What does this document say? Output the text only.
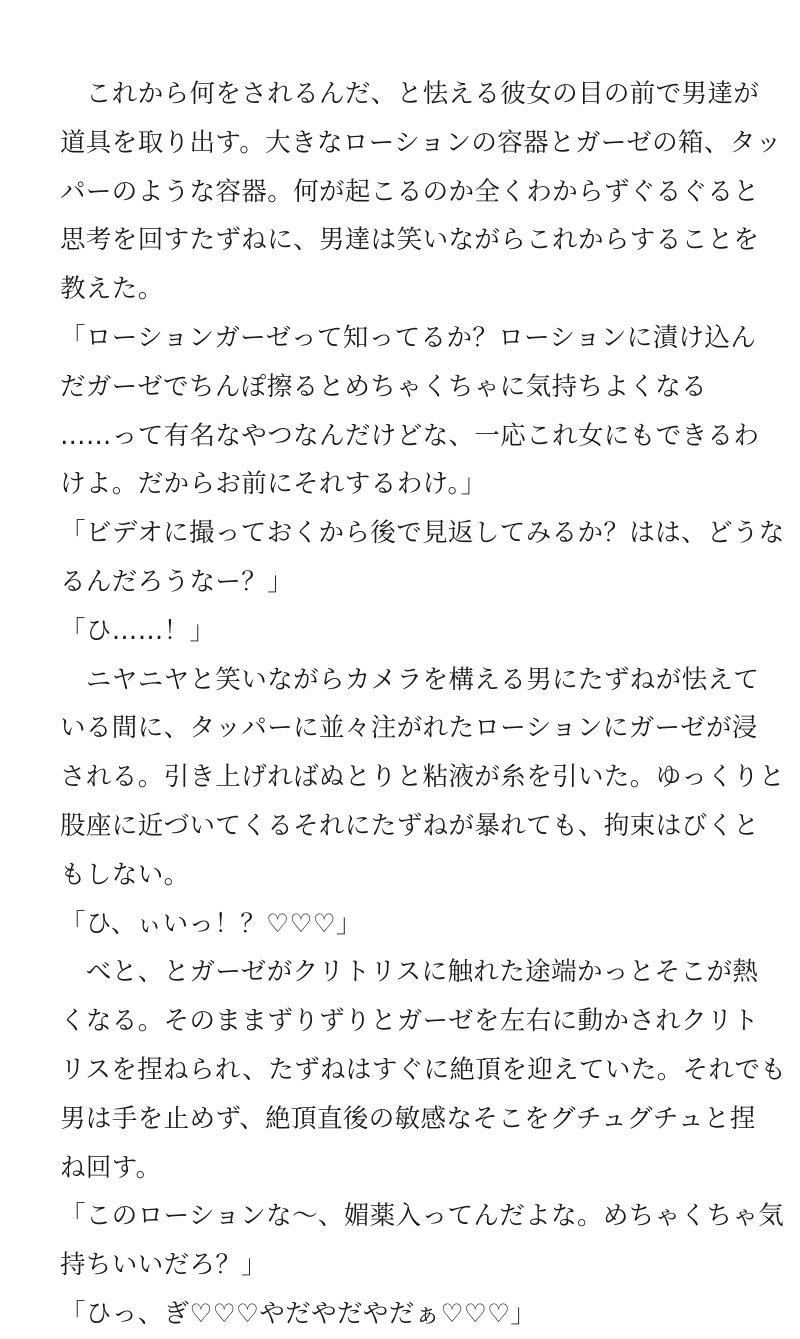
　これから何をされるんだ、と怯える彼女の目の前で男達が
道具を取り出す。大きなローションの容器とガーゼの箱、タッ
パーのような容器。何が起こるのか全くわからずぐるぐると
思考を回すたずねに、男達は笑いながらこれからすることを
教えた。
「ローションガーゼって知ってるか？ローションに漬け込ん
だガーゼでちんぽ擦るとめちゃくちゃに気持ちよくなる
……って有名なやつなんだけどな、一応これ女にもできるわ
けよ。だからお前にそれするわけ。」
「ビデオに撮っておくから後で見返してみるか？はは、どうな
るんだろうなー？」
「ひ……！」
　ニヤニヤと笑いながらカメラを構える男にたずねが怯えて
いる間に、タッパーに並々注がれたローションにガーゼが浸
される。引き上げればぬとりと粘液が糸を引いた。ゆっくりと
股座に近づいてくるそれにたずねが暴れても、拘束はびくと
もしない。
「ひ、ぃいっ！？♡♡♡」
　べと、とガーゼがクリトリスに触れた途端かっとそこが熱
くなる。そのままずりずりとガーゼを左右に動かされクリト
リスを捏ねられ、たずねはすぐに絶頂を迎えていた。それでも
男は手を止めず、絶頂直後の敏感なそこをグチュグチュと捏
ね回す。
「このローションな～、媚薬入ってんだよな。めちゃくちゃ気
持ちいいだろ？」
「ひっ、ぎ♡♡♡やだやだやだぁ♡♡♡」
